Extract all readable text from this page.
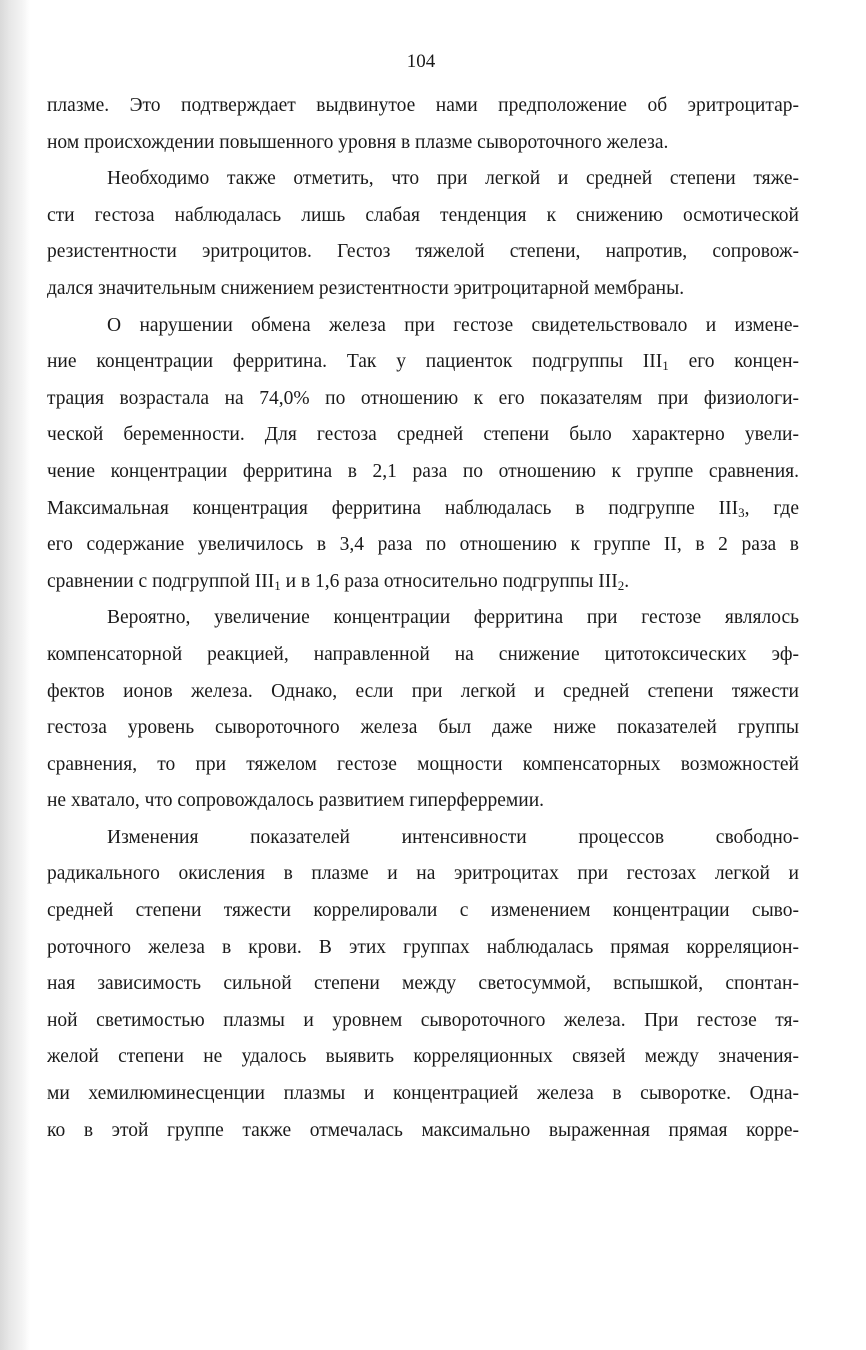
104
плазме. Это подтверждает выдвинутое нами предположение об эритроцитар-
ном происхождении повышенного уровня в плазме сывороточного железа.
Необходимо также отметить, что при легкой и средней степени тяже-
сти гестоза наблюдалась лишь слабая тенденция к снижению осмотической
резистентности эритроцитов. Гестоз тяжелой степени, напротив, сопровож-
дался значительным снижением резистентности эритроцитарной мембраны.
О нарушении обмена железа при гестозе свидетельствовало и измене-
ние концентрации ферритина. Так у пациенток подгруппы $III_1$ его концен-
трация возрастала на 74,0% по отношению к его показателям при физиологи-
ческой беременности. Для гестоза средней степени было характерно увели-
чение концентрации ферритина в 2,1 раза по отношению к группе сравнения.
Максимальная концентрация ферритина наблюдалась в подгруппе $III_3$, где
его содержание увеличилось в 3,4 раза по отношению к группе II, в 2 раза в
сравнении с подгруппой $III_1$ и в 1,6 раза относительно подгруппы $III_2$.
Вероятно, увеличение концентрации ферритина при гестозе являлось
компенсаторной реакцией, направленной на снижение цитотоксических эф-
фектов ионов железа. Однако, если при легкой и средней степени тяжести
гестоза уровень сывороточного железа был даже ниже показателей группы
сравнения, то при тяжелом гестозе мощности компенсаторных возможностей
не хватало, что сопровождалось развитием гиперферремии.
Изменения показателей интенсивности процессов свободно-
радикального окисления в плазме и на эритроцитах при гестозах легкой и
средней степени тяжести коррелировали с изменением концентрации сыво-
роточного железа в крови. В этих группах наблюдалась прямая корреляцион-
ная зависимость сильной степени между светосуммой, вспышкой, спонтан-
ной светимостью плазмы и уровнем сывороточного железа. При гестозе тя-
желой степени не удалось выявить корреляционных связей между значения-
ми хемилюминесценции плазмы и концентрацией железа в сыворотке. Одна-
ко в этой группе также отмечалась максимально выраженная прямая корре-
